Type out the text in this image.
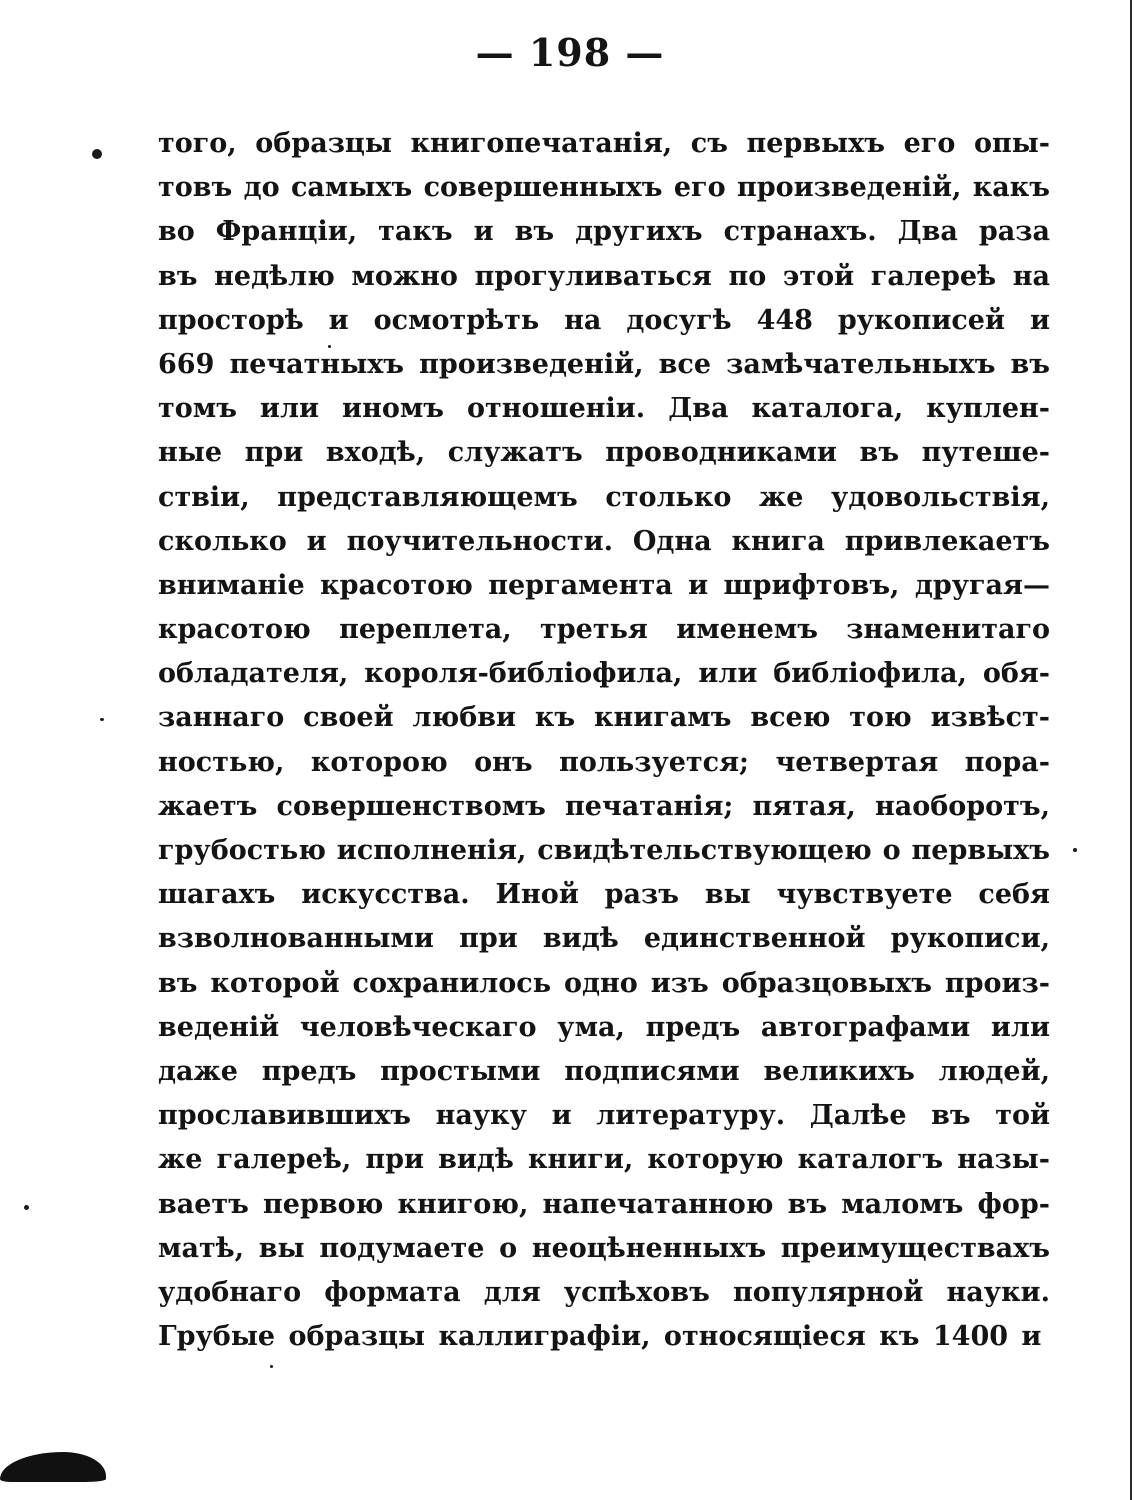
— 198 —
того, образцы книгопечатанія, съ первыхъ его опы-
товъ до самыхъ совершенныхъ его произведеній, какъ
во Франціи, такъ и въ другихъ странахъ. Два раза
въ недѣлю можно прогуливаться по этой галереѣ на
просторѣ и осмотрѣть на досугѣ 448 рукописей и
669 печатныхъ произведеній, все замѣчательныхъ въ
томъ или иномъ отношеніи. Два каталога, куплен-
ные при входѣ, служатъ проводниками въ путеше-
ствіи, представляющемъ столько же удовольствія,
сколько и поучительности. Одна книга привлекаетъ
вниманіе красотою пергамента и шрифтовъ, другая—
красотою переплета, третья именемъ знаменитаго
обладателя, короля-библіофила, или библіофила, обя-
заннаго своей любви къ книгамъ всею тою извѣст-
ностью, которою онъ пользуется; четвертая пора-
жаетъ совершенствомъ печатанія; пятая, наоборотъ,
грубостью исполненія, свидѣтельствующею о первыхъ
шагахъ искусства. Иной разъ вы чувствуете себя
взволнованными при видѣ единственной рукописи,
въ которой сохранилось одно изъ образцовыхъ произ-
веденій человѣческаго ума, предъ автографами или
даже предъ простыми подписями великихъ людей,
прославившихъ науку и литературу. Далѣе въ той
же галереѣ, при видѣ книги, которую каталогъ назы-
ваетъ первою книгою, напечатанною въ маломъ фор-
матѣ, вы подумаете о неоцѣненныхъ преимуществахъ
удобнаго формата для успѣховъ популярной науки.
Грубые образцы каллиграфіи, относящіеся къ 1400 и
